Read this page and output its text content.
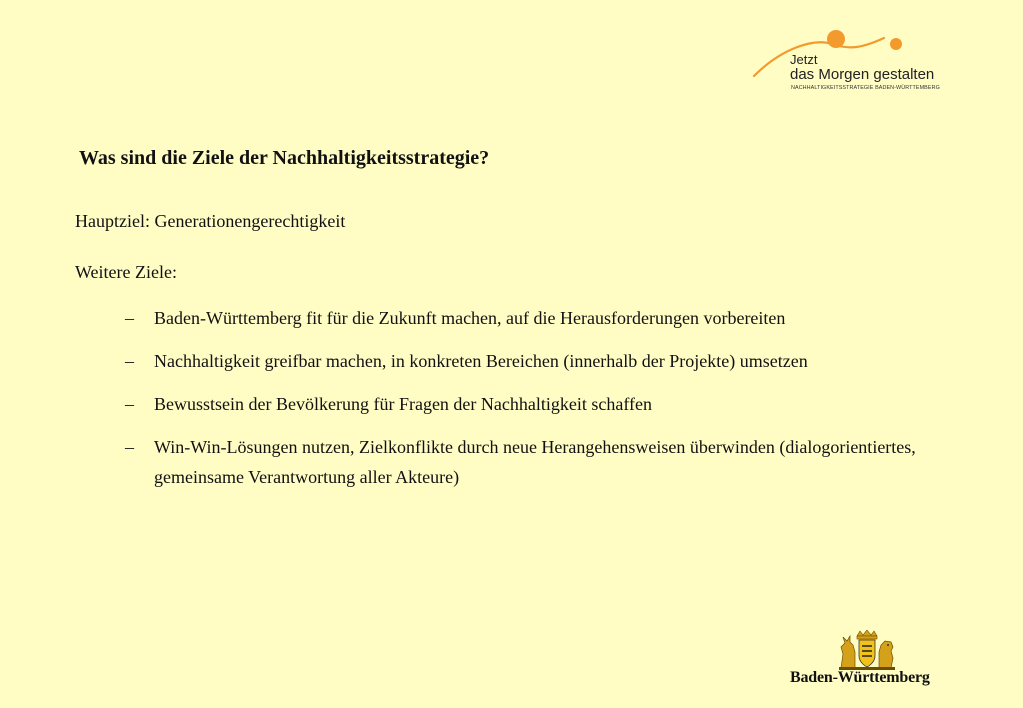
Jetzt
das Morgen gestalten
NACHHALTIGKEITSSTRATEGIE BADEN-WÜRTTEMBERG
Was sind die Ziele der Nachhaltigkeitsstrategie?

Hauptziel: Generationengerechtigkeit

Weitere Ziele:

– Baden-Württemberg fit für die Zukunft machen, auf die Herausforderungen vorbereiten
– Nachhaltigkeit greifbar machen, in konkreten Bereichen (innerhalb der Projekte) umsetzen
– Bewusstsein der Bevölkerung für Fragen der Nachhaltigkeit schaffen
– Win-Win-Lösungen nutzen, Zielkonflikte durch neue Herangehensweisen überwinden (dialogorientiertes, gemeinsame Verantwortung aller Akteure)
Baden-Württemberg
